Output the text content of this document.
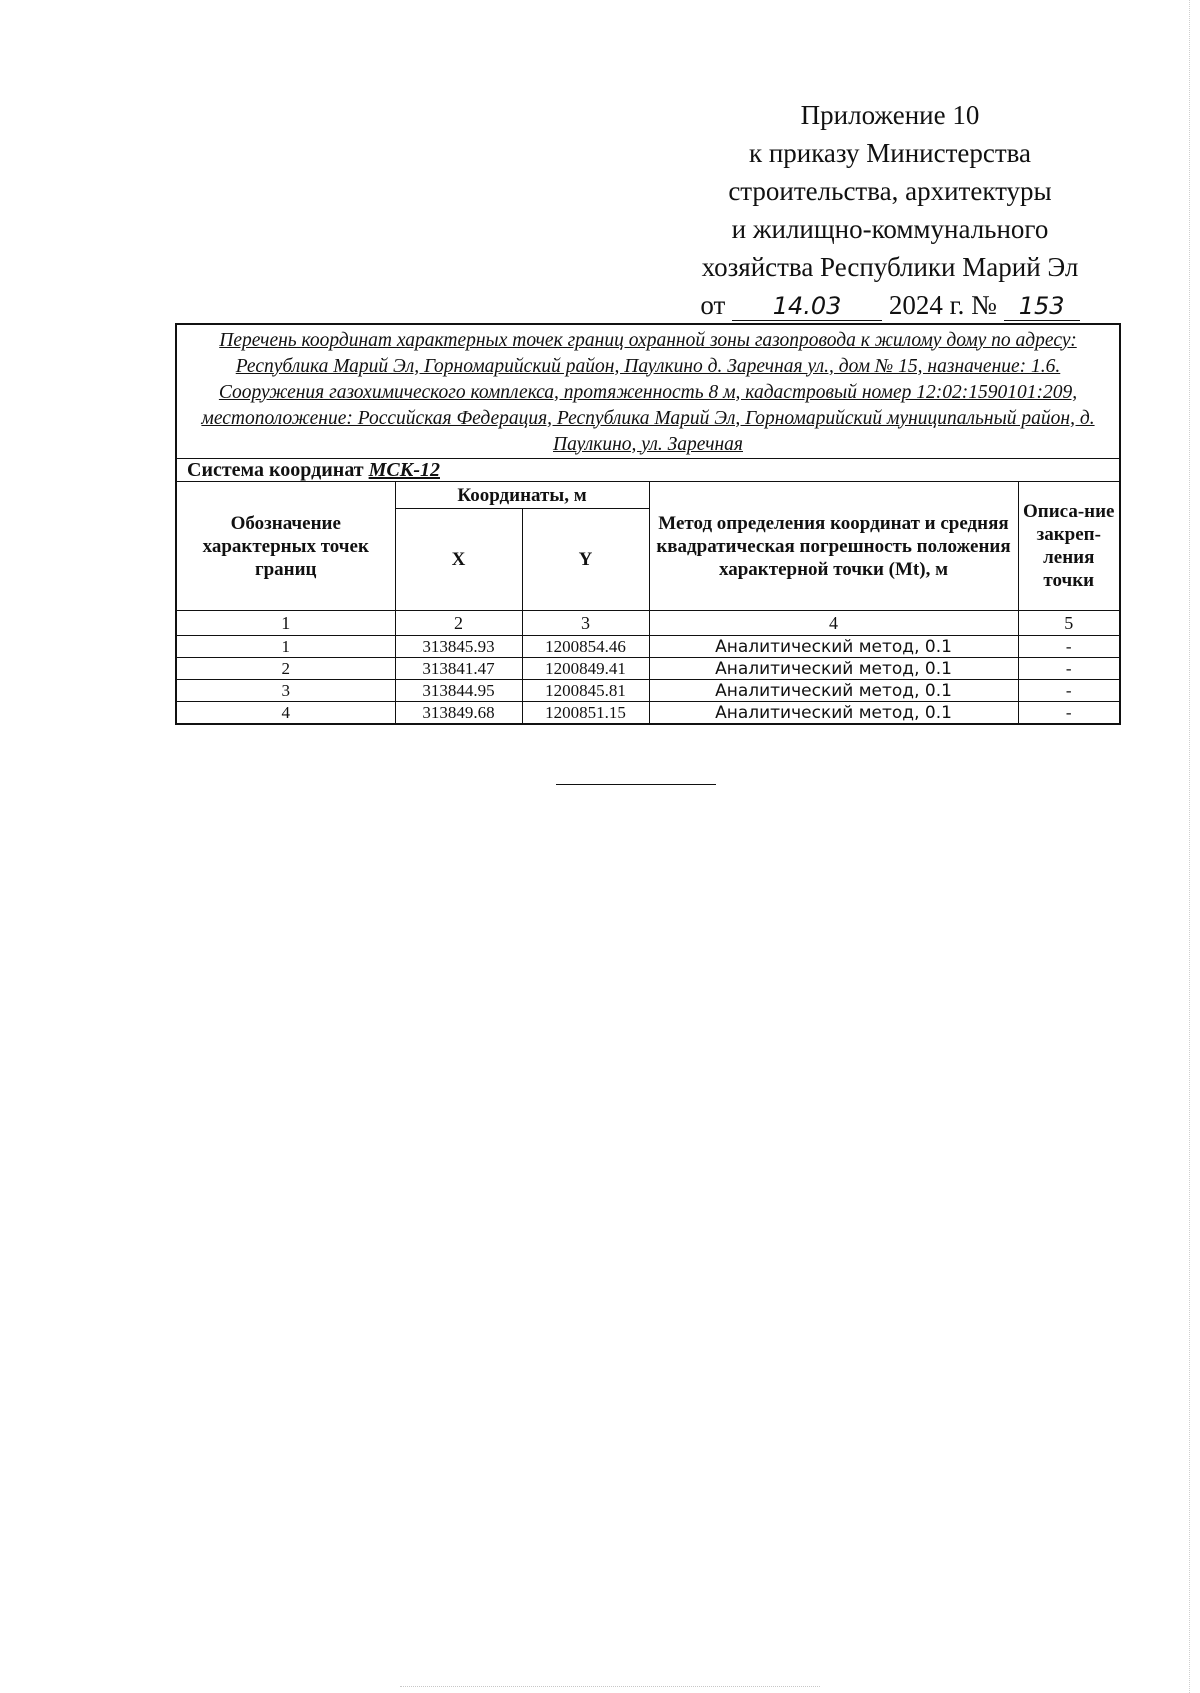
Приложение 10
к приказу Министерства
строительства, архитектуры
и жилищно-коммунального
хозяйства Республики Марий Эл
от 14.03 2024 г. № 153
Перечень координат характерных точек границ охранной зоны газопровода к жилому дому по адресу: Республика Марий Эл, Горномарийский район, Паулкино д. Заречная ул., дом № 15, назначение: 1.6. Сооружения газохимического комплекса, протяженность 8 м, кадастровый номер 12:02:1590101:209, местоположение: Российская Федерация, Республика Марий Эл, Горномарийский муниципальный район, д. Паулкино, ул. Заречная				
Система координат МСК-12				
Обозначение характерных точек границ	Координаты, м		Метод определения координат и средняя квадратическая погрешность положения характерной точки (Mt), м	Описа-ние закреп-ления точки
	X	Y		
1	2	3	4	5
1	313845.93	1200854.46	Аналитический метод, 0.1	-
2	313841.47	1200849.41	Аналитический метод, 0.1	-
3	313844.95	1200845.81	Аналитический метод, 0.1	-
4	313849.68	1200851.15	Аналитический метод, 0.1	-
